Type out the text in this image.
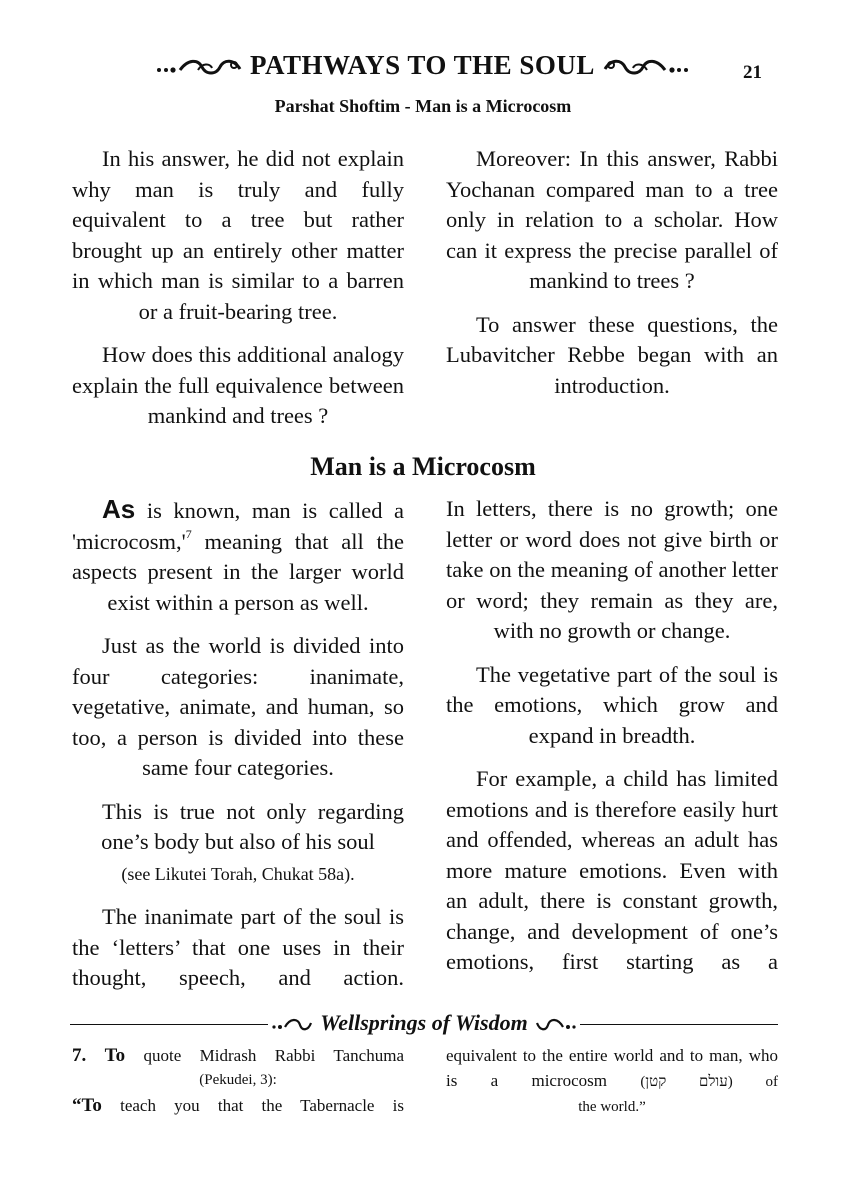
PATHWAYS TO THE SOUL	21
Parshat Shoftim - Man is a Microcosm

In his answer, he did not explain why man is truly and fully equivalent to a tree but rather brought up an entirely other matter in which man is similar to a barren or a fruit-bearing tree.

How does this additional analogy explain the full equivalence between mankind and trees ?

Moreover: In this answer, Rabbi Yochanan compared man to a tree only in relation to a scholar. How can it express the precise parallel of mankind to trees ?

To answer these questions, the Lubavitcher Rebbe began with an introduction.

Man is a Microcosm

As is known, man is called a '$microcosm,'^7$ meaning that all the aspects present in the larger world exist within a person as well.

Just as the world is divided into four categories: inanimate, vegetative, animate, and human, so too, a person is divided into these same four categories.

This is true not only regarding one’s body but also of his soul
(see Likutei Torah, Chukat 58a).

The inanimate part of the soul is the ‘letters’ that one uses in their thought, speech, and action.

In letters, there is no growth; one letter or word does not give birth or take on the meaning of another letter or word; they remain as they are, with no growth or change.

The vegetative part of the soul is the emotions, which grow and expand in breadth.

For example, a child has limited emotions and is therefore easily hurt and offended, whereas an adult has more mature emotions. Even with an adult, there is constant growth, change, and development of one’s emotions, first starting as a

Wellsprings of Wisdom

7. To quote Midrash Rabbi Tanchuma

(Pekudei, 3):

“To teach you that the Tabernacle is

equivalent to the entire world and to man, who is a microcosm (עולם קטן) of

the world.”
